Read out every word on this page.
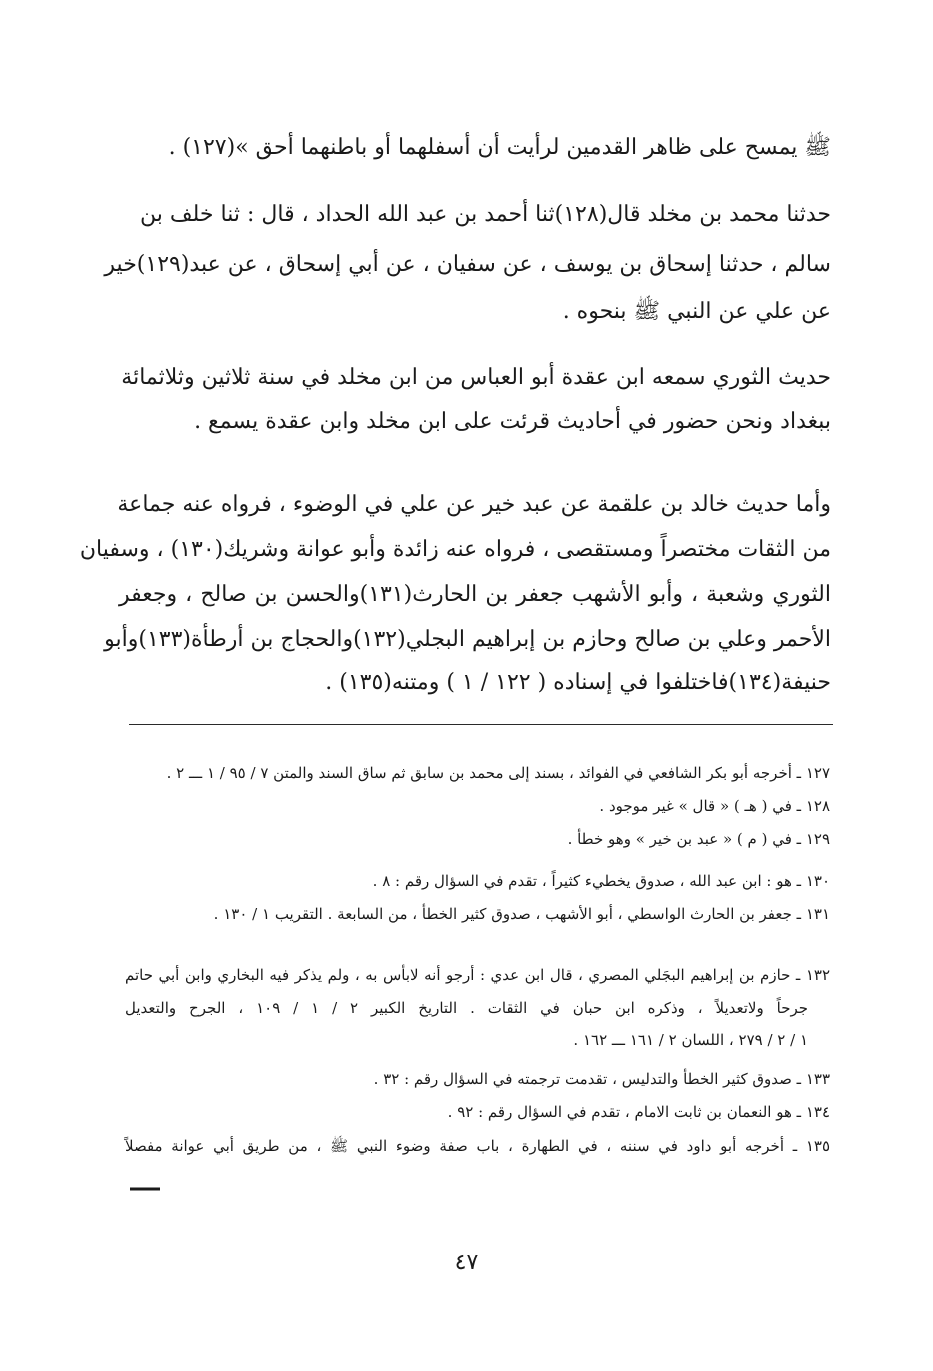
ﷺ يمسح على ظاهر القدمين لرأيت أن أسفلهما أو باطنهما أحق »(١٢٧) .
حدثنا محمد بن مخلد قال(١٢٨)ثنا أحمد بن عبد الله الحداد ، قال : ثنا خلف بن
سالم ، حدثنا إسحاق بن يوسف ، عن سفيان ، عن أبي إسحاق ، عن عبد(١٢٩)خير
عن علي عن النبي ﷺ بنحوه .
حديث الثوري سمعه ابن عقدة أبو العباس من ابن مخلد في سنة ثلاثين وثلاثمائة
ببغداد ونحن حضور في أحاديث قرئت على ابن مخلد وابن عقدة يسمع .
وأما حديث خالد بن علقمة عن عبد خير عن علي في الوضوء ، فرواه عنه جماعة
من الثقات مختصراً ومستقصى ، فرواه عنه زائدة وأبو عوانة وشريك(١٣٠) ، وسفيان
الثوري وشعبة ، وأبو الأشهب جعفر بن الحارث(١٣١)والحسن بن صالح ، وجعفر
الأحمر وعلي بن صالح وحازم بن إبراهيم البجلي(١٣٢)والحجاج بن أرطأة(١٣٣)وأبو
حنيفة(١٣٤)فاختلفوا في إسناده ( ١٢٢ / ١ ) ومتنه(١٣٥) .
١٢٧ ـ أخرجه أبو بكر الشافعي في الفوائد ، بسند إلى محمد بن سابق ثم ساق السند والمتن ٧ / ٩٥ / ١ ـــ ٢ .
١٢٨ ـ في ( هـ ) « قال » غير موجود .
١٢٩ ـ في ( م ) « عبد بن خير » وهو خطأ .
١٣٠ ـ هو : ابن عبد الله ، صدوق يخطيء كثيراً ، تقدم في السؤال رقم : ٨ .
١٣١ ـ جعفر بن الحارث الواسطي ، أبو الأشهب ، صدوق كثير الخطأ ، من السابعة . التقريب ١ / ١٣٠ .
١٣٢ ـ حازم بن إبراهيم البجَلي المصري ، قال ابن عدي : أرجو أنه لابأس به ، ولم يذكر فيه البخاري وابن أبي حاتم
جرحاً ولاتعديلاً ، وذكره ابن حبان في الثقات . التاريخ الكبير ٢ / ١ / ١٠٩ ، الجرح والتعديل
١ / ٢ / ٢٧٩ ، اللسان ٢ / ١٦١ ـــ ١٦٢ .
١٣٣ ـ صدوق كثير الخطأ والتدليس ، تقدمت ترجمته في السؤال رقم : ٣٢ .
١٣٤ ـ هو النعمان بن ثابت الامام ، تقدم في السؤال رقم : ٩٢ .
١٣٥ ـ أخرجه أبو داود في سننه ، في الطهارة ، باب صفة وضوء النبي ﷺ ، من طريق أبي عوانة مفصلاً
٤٧
